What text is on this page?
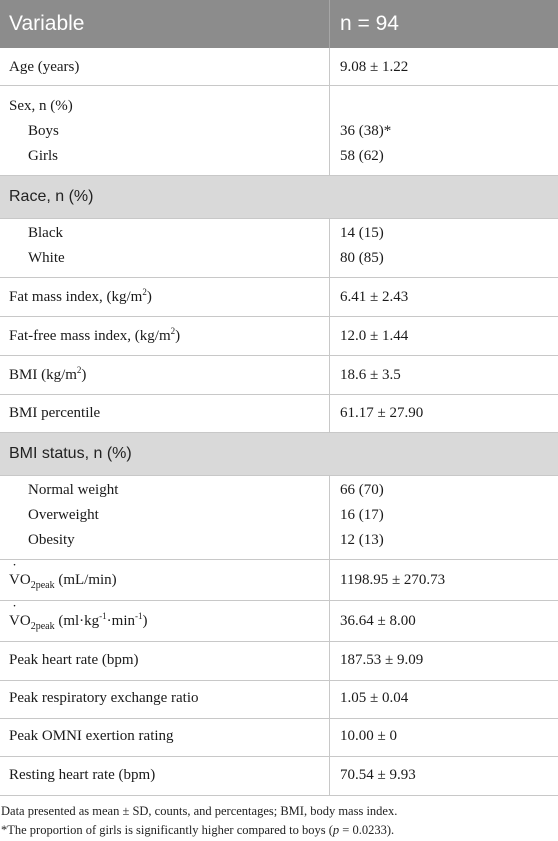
Variable	n = 94
Age (years)	9.08 ± 1.22
Sex, n (%)
Boys	36 (38)*
Girls	58 (62)
Race, n (%)
Black	14 (15)
White	80 (85)
Fat mass index, $(kg/m^2)$	6.41 ± 2.43
Fat-free mass index, $(kg/m^2)$	12.0 ± 1.44
BMI $(kg/m^2)$	18.6 ± 3.5
BMI percentile	61.17 ± 27.90
BMI status, n (%)
Normal weight	66 (70)
Overweight	16 (17)
Obesity	12 (13)
˙ $VO_{2peak}$ (mL/min)	1198.95 ± 270.73
˙ $VO_{2peak}$ $(ml\cdot kg^{-1}\cdot\min^{-1})$	36.64 ± 8.00
Peak heart rate (bpm)	187.53 ± 9.09
Peak respiratory exchange ratio	1.05 ± 0.04
Peak OMNI exertion rating	10.00 ± 0
Resting heart rate (bpm)	70.54 ± 9.93

Data presented as mean ± SD, counts, and percentages; BMI, body mass index.

*The proportion of girls is significantly higher compared to boys (p = 0.0233).
